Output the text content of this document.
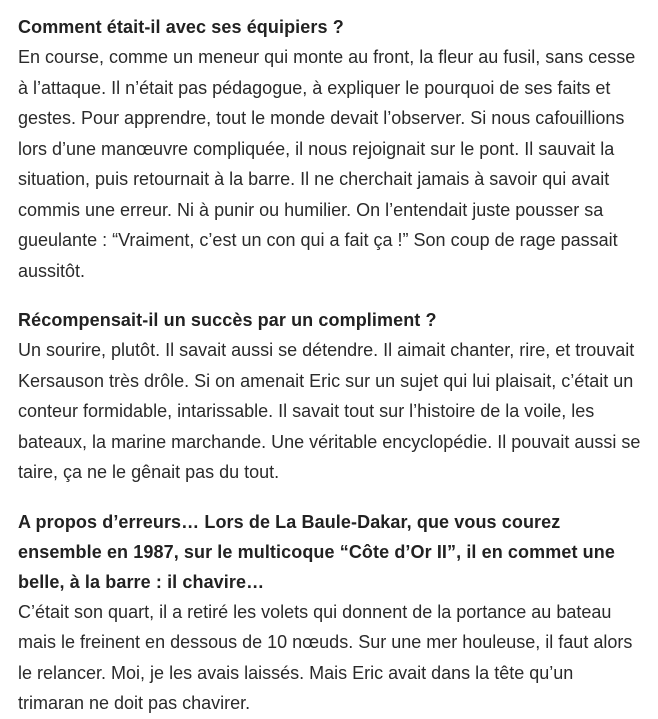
Comment était-il avec ses équipiers ?

En course, comme un meneur qui monte au front, la fleur au fusil, sans cesse à l’attaque. Il n’était pas pédagogue, à expliquer le pourquoi de ses faits et gestes. Pour apprendre, tout le monde devait l’observer. Si nous cafouillions lors d’une manœuvre compliquée, il nous rejoignait sur le pont. Il sauvait la situation, puis retournait à la barre. Il ne cherchait jamais à savoir qui avait commis une erreur. Ni à punir ou humilier. On l’entendait juste pousser sa gueulante : “Vraiment, c’est un con qui a fait ça !” Son coup de rage passait aussitôt.

Récompensait-il un succès par un compliment ?

Un sourire, plutôt. Il savait aussi se détendre. Il aimait chanter, rire, et trouvait Kersauson très drôle. Si on amenait Eric sur un sujet qui lui plaisait, c’était un conteur formidable, intarissable. Il savait tout sur l’histoire de la voile, les bateaux, la marine marchande. Une véritable encyclopédie. Il pouvait aussi se taire, ça ne le gênait pas du tout.

A propos d’erreurs… Lors de La Baule-Dakar, que vous courez ensemble en 1987, sur le multicoque “Côte d’Or II”, il en commet une belle, à la barre : il chavire…

C’était son quart, il a retiré les volets qui donnent de la portance au bateau mais le freinent en dessous de 10 nœuds. Sur une mer houleuse, il faut alors le relancer. Moi, je les avais laissés. Mais Eric avait dans la tête qu’un trimaran ne doit pas chavirer.
